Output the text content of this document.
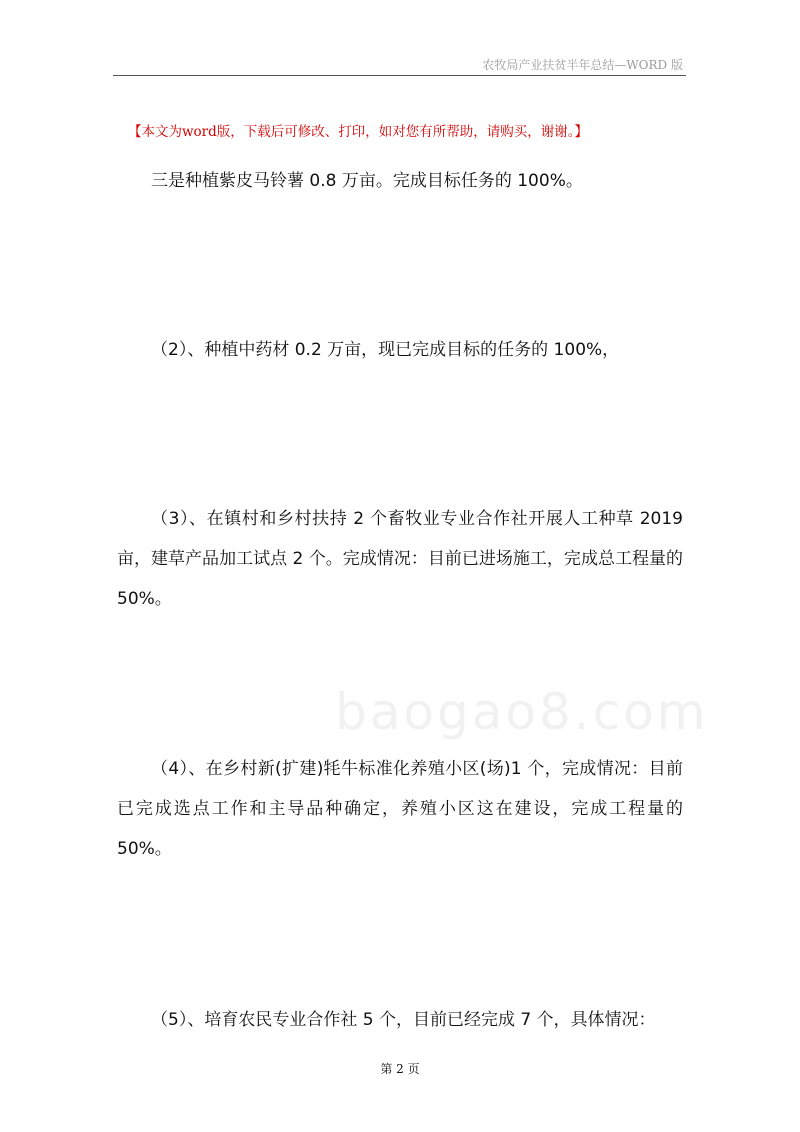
农牧局产业扶贫半年总结—WORD 版
baogao8.com
【本文为word版，下载后可修改、打印，如对您有所帮助，请购买，谢谢。】

三是种植紫皮马铃薯 0.8 万亩。完成目标任务的 100%。

（2）、种植中药材 0.2 万亩，现已完成目标的任务的 100%，

（3）、在镇村和乡村扶持 2 个畜牧业专业合作社开展人工种草 2019 亩，建草产品加工试点 2 个。完成情况：目前已进场施工，完成总工程量的 50%。

（4）、在乡村新(扩建)牦牛标准化养殖小区(场)1 个，完成情况：目前已完成选点工作和主导品种确定，养殖小区这在建设，完成工程量的 50%。

（5）、培育农民专业合作社 5 个，目前已经完成 7 个，具体情况：

第 2 页
